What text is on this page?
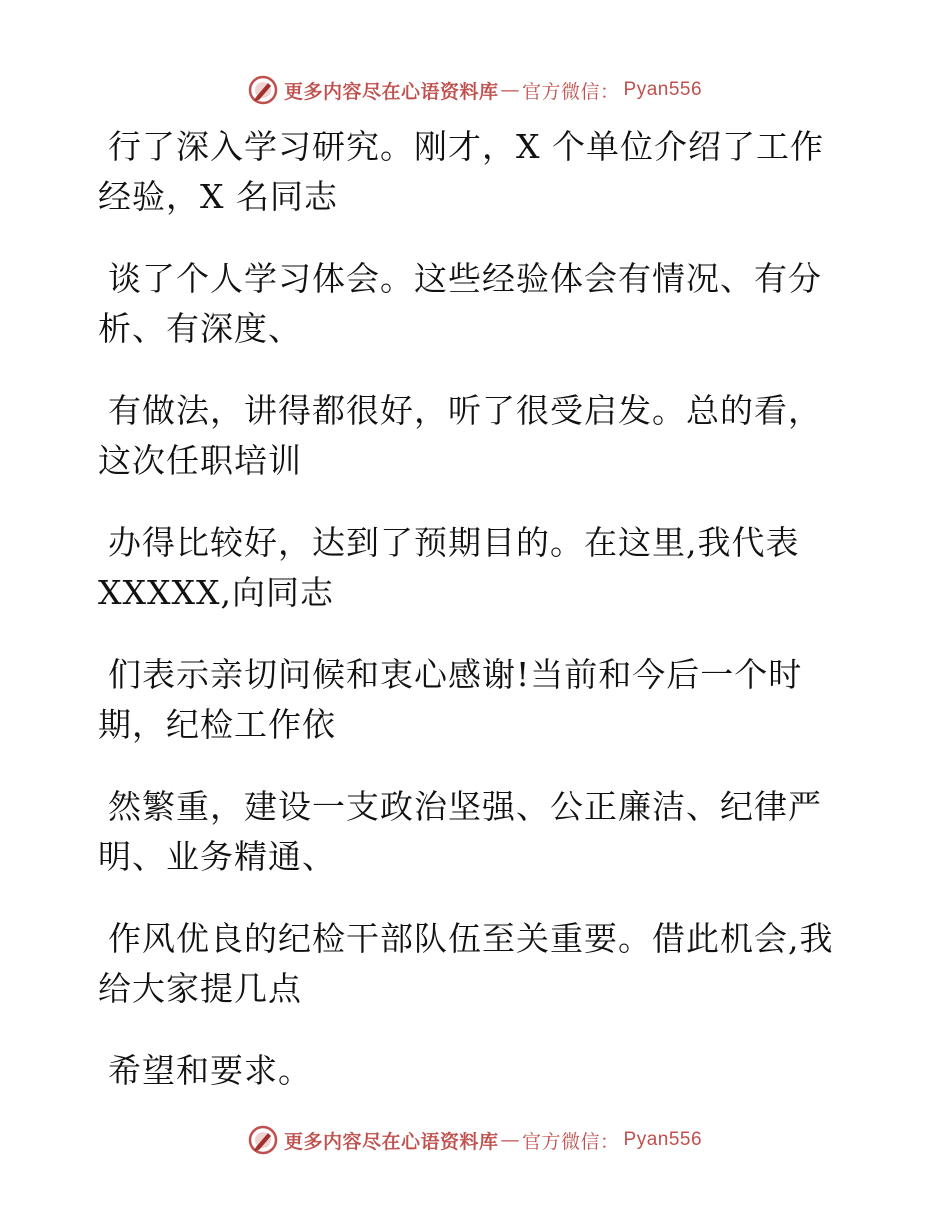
更多内容尽在心语资料库 — 官方微信 ： Pyan556
行了深入学习研究。刚才，X 个单位介绍了工作
经验，X 名同志
谈了个人学习体会。这些经验体会有情况、有分
析、有深度、
有做法，讲得都很好，听了很受启发。总的看，
这次任职培训
办得比较好，达到了预期目的。在这里,我代表
XXXXX,向同志
们表示亲切问候和衷心感谢!当前和今后一个时
期，纪检工作依
然繁重，建设一支政治坚强、公正廉洁、纪律严
明、业务精通、
作风优良的纪检干部队伍至关重要。借此机会,我
给大家提几点
希望和要求。
更多内容尽在心语资料库 — 官方微信 ： Pyan556
